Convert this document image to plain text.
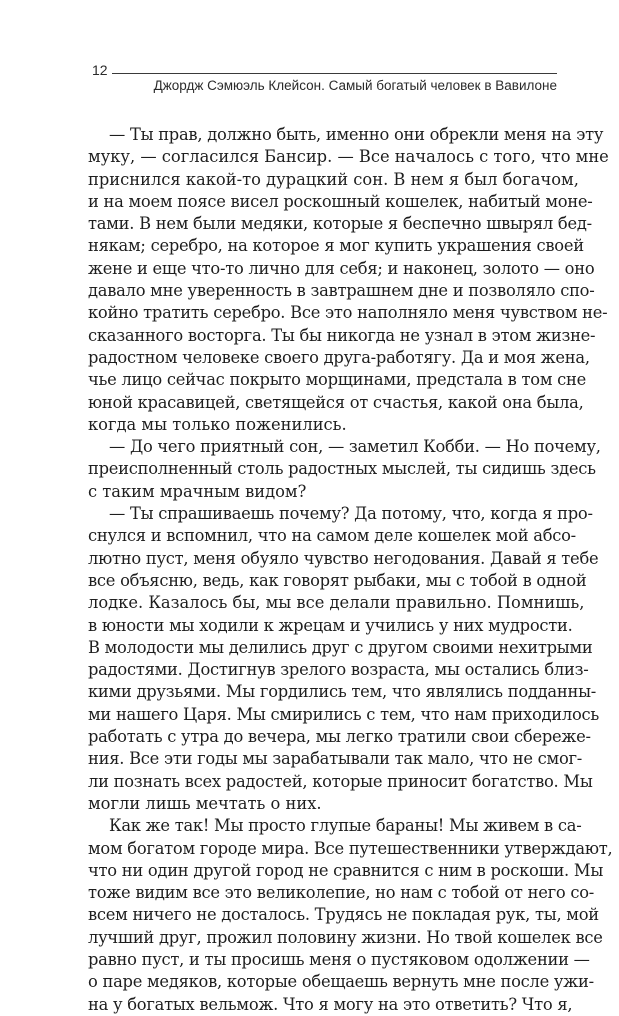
12
Джордж Сэмюэль Клейсон. Самый богатый человек в Вавилоне
— Ты прав, должно быть, именно они обрекли меня на эту
муку, — согласился Бансир. — Все началось с того, что мне
приснился какой-то дурацкий сон. В нем я был богачом,
и на моем поясе висел роскошный кошелек, набитый моне-
тами. В нем были медяки, которые я беспечно швырял бед-
някам; серебро, на которое я мог купить украшения своей
жене и еще что-то лично для себя; и наконец, золото — оно
давало мне уверенность в завтрашнем дне и позволяло спо-
койно тратить серебро. Все это наполняло меня чувством не-
сказанного восторга. Ты бы никогда не узнал в этом жизне-
радостном человеке своего друга-работягу. Да и моя жена,
чье лицо сейчас покрыто морщинами, предстала в том сне
юной красавицей, светящейся от счастья, какой она была,
когда мы только поженились.
— До чего приятный сон, — заметил Кобби. — Но почему,
преисполненный столь радостных мыслей, ты сидишь здесь
с таким мрачным видом?
— Ты спрашиваешь почему? Да потому, что, когда я про-
снулся и вспомнил, что на самом деле кошелек мой абсо-
лютно пуст, меня обуяло чувство негодования. Давай я тебе
все объясню, ведь, как говорят рыбаки, мы с тобой в одной
лодке. Казалось бы, мы все делали правильно. Помнишь,
в юности мы ходили к жрецам и учились у них мудрости.
В молодости мы делились друг с другом своими нехитрыми
радостями. Достигнув зрелого возраста, мы остались близ-
кими друзьями. Мы гордились тем, что являлись подданны-
ми нашего Царя. Мы смирились с тем, что нам приходилось
работать с утра до вечера, мы легко тратили свои сбереже-
ния. Все эти годы мы зарабатывали так мало, что не смог-
ли познать всех радостей, которые приносит богатство. Мы
могли лишь мечтать о них.
Как же так! Мы просто глупые бараны! Мы живем в са-
мом богатом городе мира. Все путешественники утверждают,
что ни один другой город не сравнится с ним в роскоши. Мы
тоже видим все это великолепие, но нам с тобой от него со-
всем ничего не досталось. Трудясь не покладая рук, ты, мой
лучший друг, прожил половину жизни. Но твой кошелек все
равно пуст, и ты просишь меня о пустяковом одолжении —
о паре медяков, которые обещаешь вернуть мне после ужи-
на у богатых вельмож. Что я могу на это ответить? Что я,
